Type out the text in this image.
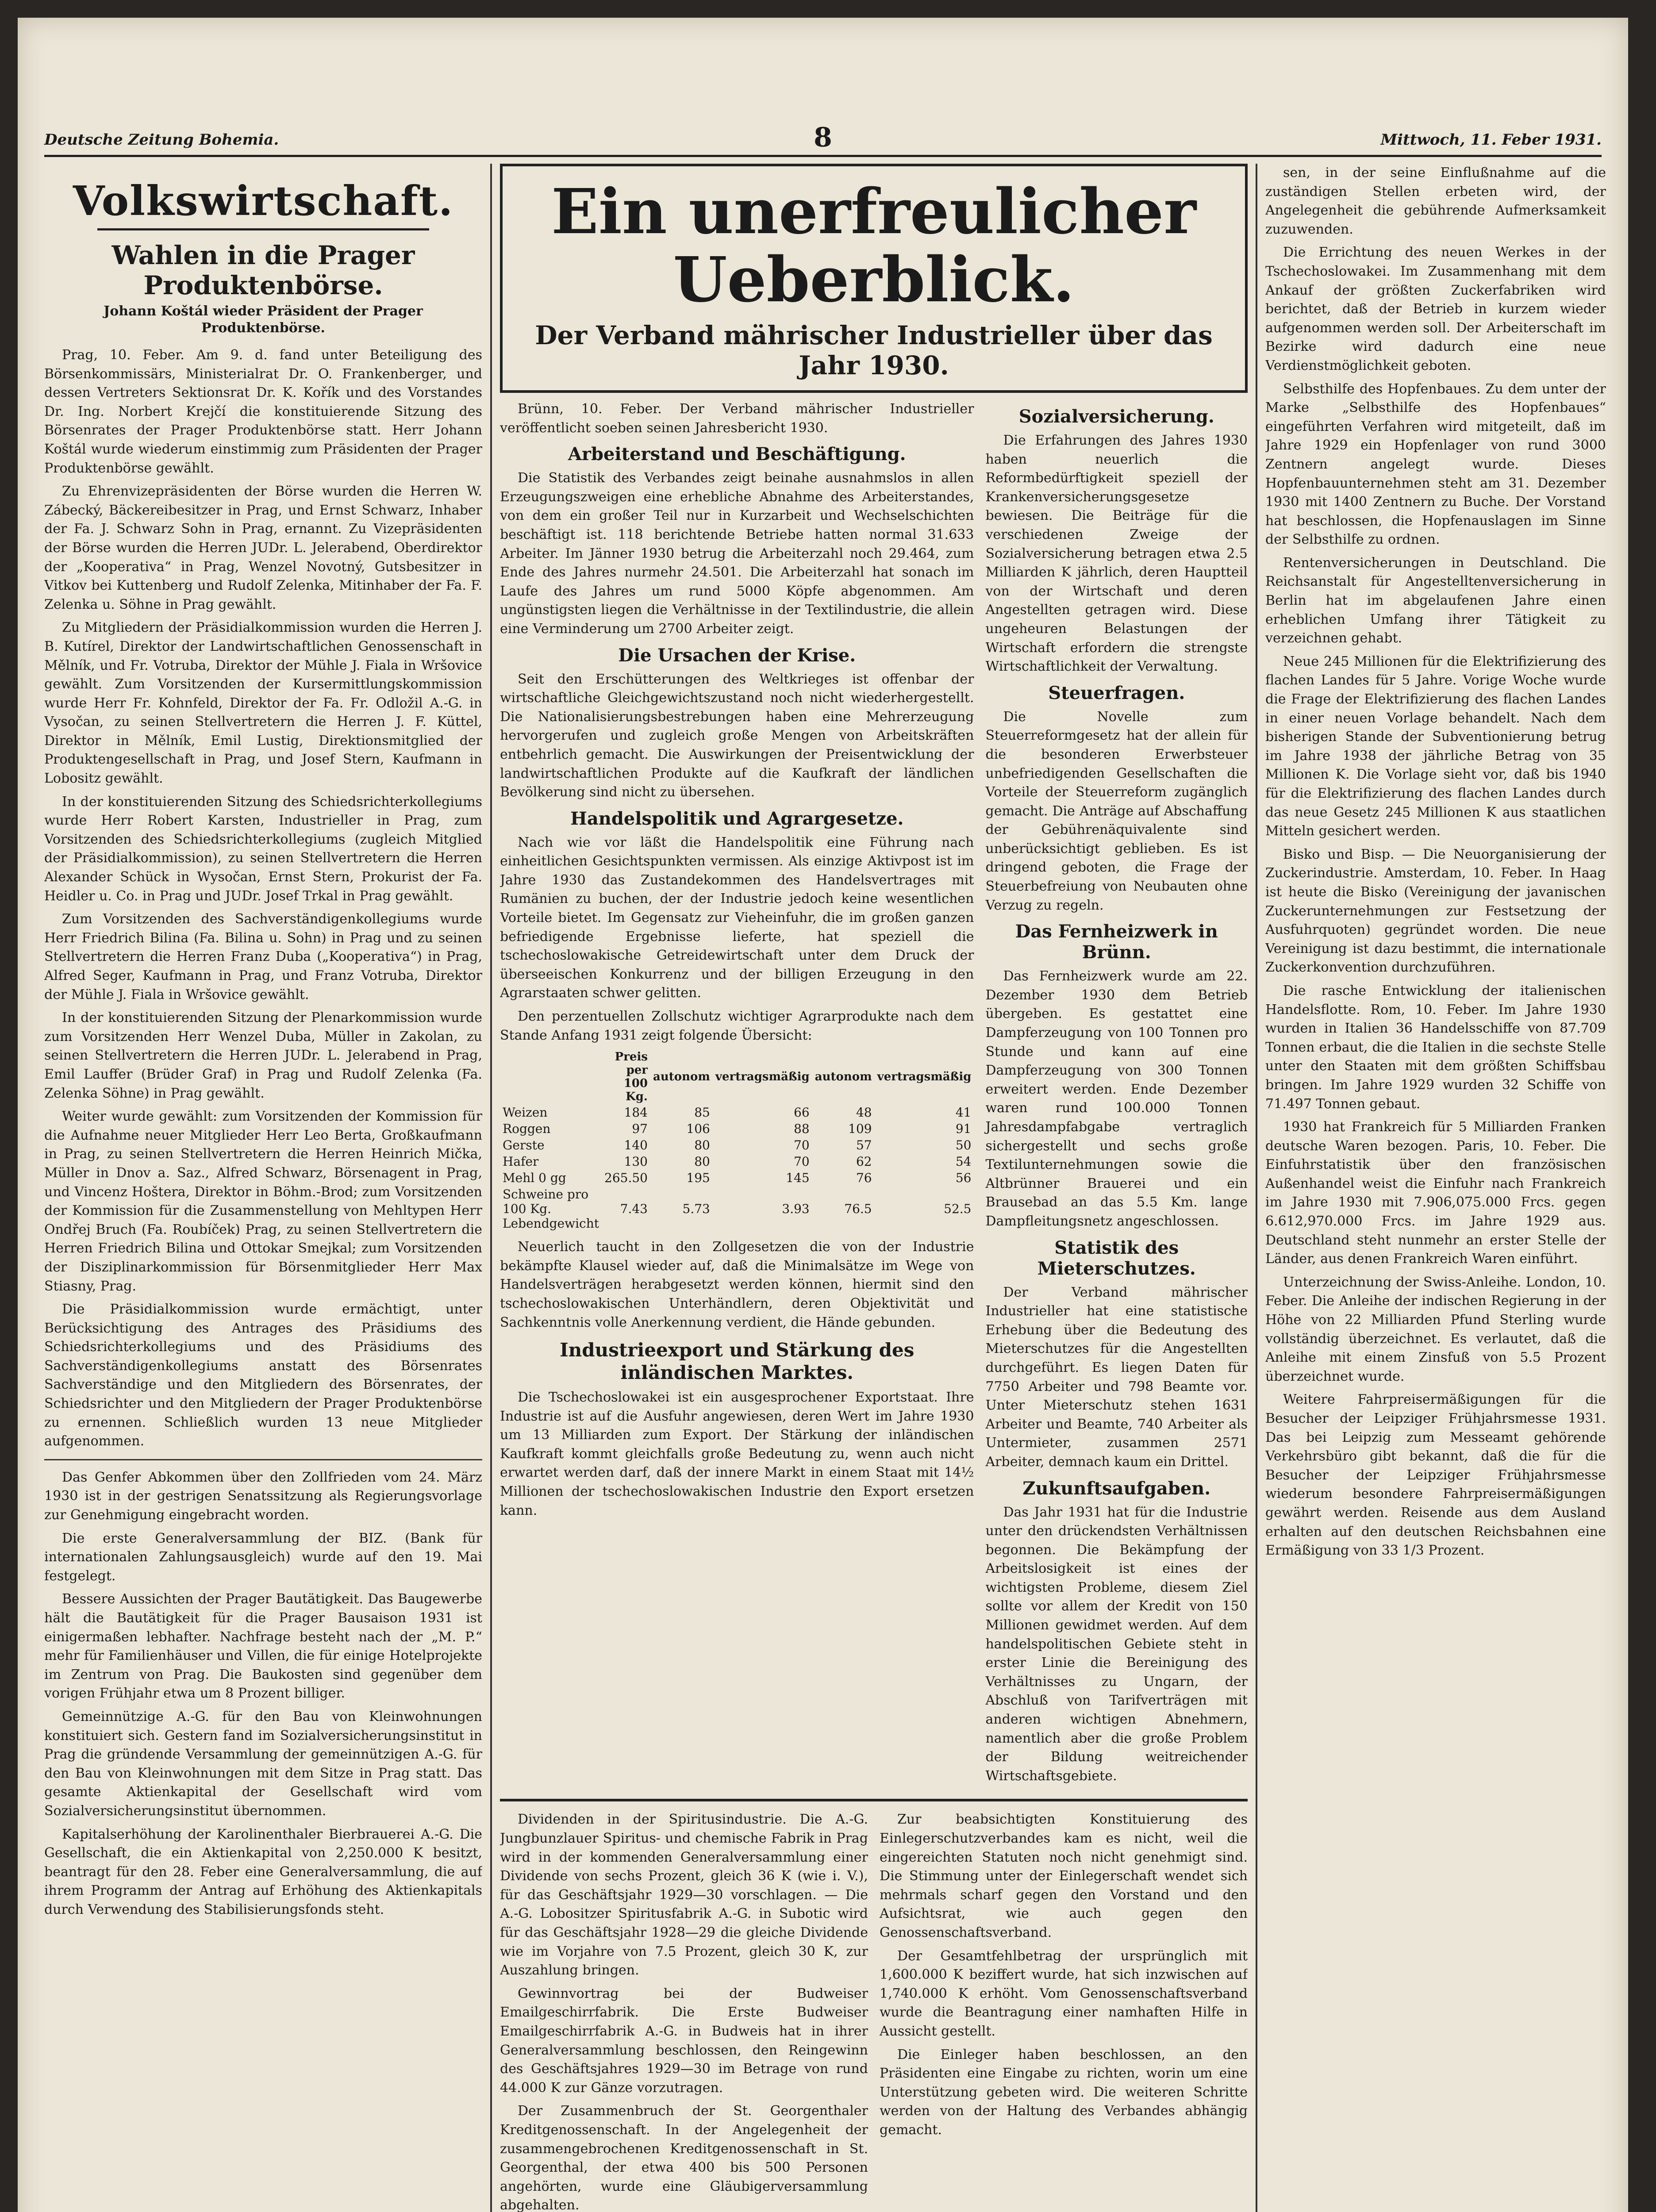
Deutsche Zeitung Bohemia.	8	Mittwoch, 11. Feber 1931.
Volkswirtschaft.
Wahlen in die Prager Produktenbörse.
Johann Koštál wieder Präsident der Prager Produktenbörse.

Prag, 10. Feber. Am 9. d. fand unter Beteiligung des Börsenkommissärs, Ministerialrat Dr. O. Frankenberger, und dessen Vertreters Sektionsrat Dr. K. Kořík und des Vorstandes Dr. Ing. Norbert Krejčí die konstituierende Sitzung des Börsenrates der Prager Produktenbörse statt. Herr Johann Koštál wurde wiederum einstimmig zum Präsidenten der Prager Produktenbörse gewählt.

Zu Ehrenvizepräsidenten der Börse wurden die Herren W. Zábecký, Bäckereibesitzer in Prag, und Ernst Schwarz, Inhaber der Fa. J. Schwarz Sohn in Prag, ernannt. Zu Vizepräsidenten der Börse wurden die Herren JUDr. L. Jelerabend, Oberdirektor der „Kooperativa“ in Prag, Wenzel Novotný, Gutsbesitzer in Vitkov bei Kuttenberg und Rudolf Zelenka, Mitinhaber der Fa. F. Zelenka u. Söhne in Prag gewählt.

Zu Mitgliedern der Präsidialkommission wurden die Herren J. B. Kutírel, Direktor der Landwirtschaftlichen Genossenschaft in Mělník, und Fr. Votruba, Direktor der Mühle J. Fiala in Wršovice gewählt. Zum Vorsitzenden der Kursermittlungskommission wurde Herr Fr. Kohnfeld, Direktor der Fa. Fr. Odložil A.-G. in Vysočan, zu seinen Stellvertretern die Herren J. F. Küttel, Direktor in Mělník, Emil Lustig, Direktionsmitglied der Produktengesellschaft in Prag, und Josef Stern, Kaufmann in Lobositz gewählt.

In der konstituierenden Sitzung des Schiedsrichterkollegiums wurde Herr Robert Karsten, Industrieller in Prag, zum Vorsitzenden des Schiedsrichterkollegiums (zugleich Mitglied der Präsidialkommission), zu seinen Stellvertretern die Herren Alexander Schück in Wysočan, Ernst Stern, Prokurist der Fa. Heidler u. Co. in Prag und JUDr. Josef Trkal in Prag gewählt.

Zum Vorsitzenden des Sachverständigenkollegiums wurde Herr Friedrich Bilina (Fa. Bilina u. Sohn) in Prag und zu seinen Stellvertretern die Herren Franz Duba („Kooperativa“) in Prag, Alfred Seger, Kaufmann in Prag, und Franz Votruba, Direktor der Mühle J. Fiala in Wršovice gewählt.

In der konstituierenden Sitzung der Plenarkommission wurde zum Vorsitzenden Herr Wenzel Duba, Müller in Zakolan, zu seinen Stellvertretern die Herren JUDr. L. Jelerabend in Prag, Emil Lauffer (Brüder Graf) in Prag und Rudolf Zelenka (Fa. Zelenka Söhne) in Prag gewählt.

Weiter wurde gewählt: zum Vorsitzenden der Kommission für die Aufnahme neuer Mitglieder Herr Leo Berta, Großkaufmann in Prag, zu seinen Stellvertretern die Herren Heinrich Mička, Müller in Dnov a. Saz., Alfred Schwarz, Börsenagent in Prag, und Vincenz Hoštera, Direktor in Böhm.-Brod; zum Vorsitzenden der Kommission für die Zusammenstellung von Mehltypen Herr Ondřej Bruch (Fa. Roubíček) Prag, zu seinen Stellvertretern die Herren Friedrich Bilina und Ottokar Smejkal; zum Vorsitzenden der Disziplinarkommission für Börsenmitglieder Herr Max Stiasny, Prag.

Die Präsidialkommission wurde ermächtigt, unter Berücksichtigung des Antrages des Präsidiums des Schiedsrichterkollegiums und des Präsidiums des Sachverständigenkollegiums anstatt des Börsenrates Sachverständige und den Mitgliedern des Börsenrates, der Schiedsrichter und den Mitgliedern der Prager Produktenbörse zu ernennen. Schließlich wurden 13 neue Mitglieder aufgenommen.

Das Genfer Abkommen über den Zollfrieden vom 24. März 1930 ist in der gestrigen Senatssitzung als Regierungsvorlage zur Genehmigung eingebracht worden.

Die erste Generalversammlung der BIZ. (Bank für internationalen Zahlungsausgleich) wurde auf den 19. Mai festgelegt.

Bessere Aussichten der Prager Bautätigkeit. Das Baugewerbe hält die Bautätigkeit für die Prager Bausaison 1931 ist einigermaßen lebhafter. Nachfrage besteht nach der „M. P.“ mehr für Familienhäuser und Villen, die für einige Hotelprojekte im Zentrum von Prag. Die Baukosten sind gegenüber dem vorigen Frühjahr etwa um 8 Prozent billiger.

Gemeinnützige A.-G. für den Bau von Kleinwohnungen konstituiert sich. Gestern fand im Sozialversicherungsinstitut in Prag die gründende Versammlung der gemeinnützigen A.-G. für den Bau von Kleinwohnungen mit dem Sitze in Prag statt. Das gesamte Aktienkapital der Gesellschaft wird vom Sozialversicherungsinstitut übernommen.

Kapitalserhöhung der Karolinenthaler Bierbrauerei A.-G. Die Gesellschaft, die ein Aktienkapital von 2,250.000 K besitzt, beantragt für den 28. Feber eine Generalversammlung, die auf ihrem Programm der Antrag auf Erhöhung des Aktienkapitals durch Verwendung des Stabilisierungsfonds steht.

Ein unerfreulicher Ueberblick.
Der Verband mährischer Industrieller über das Jahr 1930.

Brünn, 10. Feber. Der Verband mährischer Industrieller veröffentlicht soeben seinen Jahresbericht 1930.

Arbeiterstand und Beschäftigung.

Die Statistik des Verbandes zeigt beinahe ausnahmslos in allen Erzeugungszweigen eine erhebliche Abnahme des Arbeiterstandes, von dem ein großer Teil nur in Kurzarbeit und Wechselschichten beschäftigt ist. 118 berichtende Betriebe hatten normal 31.633 Arbeiter. Im Jänner 1930 betrug die Arbeiterzahl noch 29.464, zum Ende des Jahres nurmehr 24.501. Die Arbeiterzahl hat sonach im Laufe des Jahres um rund 5000 Köpfe abgenommen. Am ungünstigsten liegen die Verhältnisse in der Textilindustrie, die allein eine Verminderung um 2700 Arbeiter zeigt.

Die Ursachen der Krise.

Seit den Erschütterungen des Weltkrieges ist offenbar der wirtschaftliche Gleichgewichtszustand noch nicht wiederhergestellt. Die Nationalisierungsbestrebungen haben eine Mehrerzeugung hervorgerufen und zugleich große Mengen von Arbeitskräften entbehrlich gemacht. Die Auswirkungen der Preisentwicklung der landwirtschaftlichen Produkte auf die Kaufkraft der ländlichen Bevölkerung sind nicht zu übersehen.

Handelspolitik und Agrargesetze.

Nach wie vor läßt die Handelspolitik eine Führung nach einheitlichen Gesichtspunkten vermissen. Als einzige Aktivpost ist im Jahre 1930 das Zustandekommen des Handelsvertrages mit Rumänien zu buchen, der der Industrie jedoch keine wesentlichen Vorteile bietet. Im Gegensatz zur Vieheinfuhr, die im großen ganzen befriedigende Ergebnisse lieferte, hat speziell die tschechoslowakische Getreidewirtschaft unter dem Druck der überseeischen Konkurrenz und der billigen Erzeugung in den Agrarstaaten schwer gelitten.

Den perzentuellen Zollschutz wichtiger Agrarprodukte nach dem Stande Anfang 1931 zeigt folgende Übersicht:

	Preis per 100 Kg.	autonom	vertragsmäßig	autonom	vertragsmäßig
Weizen	184	85	66	48	41
Roggen	97	106	88	109	91
Gerste	140	80	70	57	50
Hafer	130	80	70	62	54
Mehl 0 gg	265.50	195	145	76	56
Schweine pro 100 Kg. Lebendgewicht	7.43	5.73	3.93	76.5	52.5

Neuerlich taucht in den Zollgesetzen die von der Industrie bekämpfte Klausel wieder auf, daß die Minimalsätze im Wege von Handelsverträgen herabgesetzt werden können, hiermit sind den tschechoslowakischen Unterhändlern, deren Objektivität und Sachkenntnis volle Anerkennung verdient, die Hände gebunden.

Industrieexport und Stärkung des inländischen Marktes.

Die Tschechoslowakei ist ein ausgesprochener Exportstaat. Ihre Industrie ist auf die Ausfuhr angewiesen, deren Wert im Jahre 1930 um 13 Milliarden zum Export. Der Stärkung der inländischen Kaufkraft kommt gleichfalls große Bedeutung zu, wenn auch nicht erwartet werden darf, daß der innere Markt in einem Staat mit 14½ Millionen der tschechoslowakischen Industrie den Export ersetzen kann.

Sozialversicherung.

Die Erfahrungen des Jahres 1930 haben neuerlich die Reformbedürftigkeit speziell der Krankenversicherungsgesetze bewiesen. Die Beiträge für die verschiedenen Zweige der Sozialversicherung betragen etwa 2.5 Milliarden K jährlich, deren Hauptteil von der Wirtschaft und deren Angestellten getragen wird. Diese ungeheuren Belastungen der Wirtschaft erfordern die strengste Wirtschaftlichkeit der Verwaltung.

Steuerfragen.

Die Novelle zum Steuerreformgesetz hat der allein für die besonderen Erwerbsteuer unbefriedigenden Gesellschaften die Vorteile der Steuerreform zugänglich gemacht. Die Anträge auf Abschaffung der Gebührenäquivalente sind unberücksichtigt geblieben. Es ist dringend geboten, die Frage der Steuerbefreiung von Neubauten ohne Verzug zu regeln.

Das Fernheizwerk in Brünn.

Das Fernheizwerk wurde am 22. Dezember 1930 dem Betrieb übergeben. Es gestattet eine Dampferzeugung von 100 Tonnen pro Stunde und kann auf eine Dampferzeugung von 300 Tonnen erweitert werden. Ende Dezember waren rund 100.000 Tonnen Jahresdampfabgabe vertraglich sichergestellt und sechs große Textilunternehmungen sowie die Altbrünner Brauerei und ein Brausebad an das 5.5 Km. lange Dampfleitungsnetz angeschlossen.

Statistik des Mieterschutzes.

Der Verband mährischer Industrieller hat eine statistische Erhebung über die Bedeutung des Mieterschutzes für die Angestellten durchgeführt. Es liegen Daten für 7750 Arbeiter und 798 Beamte vor. Unter Mieterschutz stehen 1631 Arbeiter und Beamte, 740 Arbeiter als Untermieter, zusammen 2571 Arbeiter, demnach kaum ein Drittel.

Zukunftsaufgaben.

Das Jahr 1931 hat für die Industrie unter den drückendsten Verhältnissen begonnen. Die Bekämpfung der Arbeitslosigkeit ist eines der wichtigsten Probleme, diesem Ziel sollte vor allem der Kredit von 150 Millionen gewidmet werden. Auf dem handelspolitischen Gebiete steht in erster Linie die Bereinigung des Verhältnisses zu Ungarn, der Abschluß von Tarifverträgen mit anderen wichtigen Abnehmern, namentlich aber die große Problem der Bildung weitreichender Wirtschaftsgebiete.

Dividenden in der Spiritusindustrie. Die A.-G. Jungbunzlauer Spiritus- und chemische Fabrik in Prag wird in der kommenden Generalversammlung einer Dividende von sechs Prozent, gleich 36 K (wie i. V.), für das Geschäftsjahr 1929—30 vorschlagen. — Die A.-G. Lobositzer Spiritusfabrik A.-G. in Subotic wird für das Geschäftsjahr 1928—29 die gleiche Dividende wie im Vorjahre von 7.5 Prozent, gleich 30 K, zur Auszahlung bringen.

Gewinnvortrag bei der Budweiser Emailgeschirrfabrik. Die Erste Budweiser Emailgeschirrfabrik A.-G. in Budweis hat in ihrer Generalversammlung beschlossen, den Reingewinn des Geschäftsjahres 1929—30 im Betrage von rund 44.000 K zur Gänze vorzutragen.

Der Zusammenbruch der St. Georgenthaler Kreditgenossenschaft. In der Angelegenheit der zusammengebrochenen Kreditgenossenschaft in St. Georgenthal, der etwa 400 bis 500 Personen angehörten, wurde eine Gläubigerversammlung abgehalten.

Zur beabsichtigten Konstituierung des Einlegerschutzverbandes kam es nicht, weil die eingereichten Statuten noch nicht genehmigt sind. Die Stimmung unter der Einlegerschaft wendet sich mehrmals scharf gegen den Vorstand und den Aufsichtsrat, wie auch gegen den Genossenschaftsverband.

Der Gesamtfehlbetrag der ursprünglich mit 1,600.000 K beziffert wurde, hat sich inzwischen auf 1,740.000 K erhöht. Vom Genossenschaftsverband wurde die Beantragung einer namhaften Hilfe in Aussicht gestellt.

Die Einleger haben beschlossen, an den Präsidenten eine Eingabe zu richten, worin um eine Unterstützung gebeten wird. Die weiteren Schritte werden von der Haltung des Verbandes abhängig gemacht.

sen, in der seine Einflußnahme auf die zuständigen Stellen erbeten wird, der Angelegenheit die gebührende Aufmerksamkeit zuzuwenden.

Die Errichtung des neuen Werkes in der Tschechoslowakei. Im Zusammenhang mit dem Ankauf der größten Zuckerfabriken wird berichtet, daß der Betrieb in kurzem wieder aufgenommen werden soll. Der Arbeiterschaft im Bezirke wird dadurch eine neue Verdienstmöglichkeit geboten.

Selbsthilfe des Hopfenbaues. Zu dem unter der Marke „Selbsthilfe des Hopfenbaues“ eingeführten Verfahren wird mitgeteilt, daß im Jahre 1929 ein Hopfenlager von rund 3000 Zentnern angelegt wurde. Dieses Hopfenbauunternehmen steht am 31. Dezember 1930 mit 1400 Zentnern zu Buche. Der Vorstand hat beschlossen, die Hopfenauslagen im Sinne der Selbsthilfe zu ordnen.

Rentenversicherungen in Deutschland. Die Reichsanstalt für Angestelltenversicherung in Berlin hat im abgelaufenen Jahre einen erheblichen Umfang ihrer Tätigkeit zu verzeichnen gehabt.

Neue 245 Millionen für die Elektrifizierung des flachen Landes für 5 Jahre. Vorige Woche wurde die Frage der Elektrifizierung des flachen Landes in einer neuen Vorlage behandelt. Nach dem bisherigen Stande der Subventionierung betrug im Jahre 1938 der jährliche Betrag von 35 Millionen K. Die Vorlage sieht vor, daß bis 1940 für die Elektrifizierung des flachen Landes durch das neue Gesetz 245 Millionen K aus staatlichen Mitteln gesichert werden.

Bisko und Bisp. — Die Neuorganisierung der Zuckerindustrie. Amsterdam, 10. Feber. In Haag ist heute die Bisko (Vereinigung der javanischen Zuckerunternehmungen zur Festsetzung der Ausfuhrquoten) gegründet worden. Die neue Vereinigung ist dazu bestimmt, die internationale Zuckerkonvention durchzuführen.

Die rasche Entwicklung der italienischen Handelsflotte. Rom, 10. Feber. Im Jahre 1930 wurden in Italien 36 Handelsschiffe von 87.709 Tonnen erbaut, die die Italien in die sechste Stelle unter den Staaten mit dem größten Schiffsbau bringen. Im Jahre 1929 wurden 32 Schiffe von 71.497 Tonnen gebaut.

1930 hat Frankreich für 5 Milliarden Franken deutsche Waren bezogen. Paris, 10. Feber. Die Einfuhrstatistik über den französischen Außenhandel weist die Einfuhr nach Frankreich im Jahre 1930 mit 7.906,075.000 Frcs. gegen 6.612,970.000 Frcs. im Jahre 1929 aus. Deutschland steht nunmehr an erster Stelle der Länder, aus denen Frankreich Waren einführt.

Unterzeichnung der Swiss-Anleihe. London, 10. Feber. Die Anleihe der indischen Regierung in der Höhe von 22 Milliarden Pfund Sterling wurde vollständig überzeichnet. Es verlautet, daß die Anleihe mit einem Zinsfuß von 5.5 Prozent überzeichnet wurde.

Weitere Fahrpreisermäßigungen für die Besucher der Leipziger Frühjahrsmesse 1931. Das bei Leipzig zum Messeamt gehörende Verkehrsbüro gibt bekannt, daß die für die Besucher der Leipziger Frühjahrsmesse wiederum besondere Fahrpreisermäßigungen gewährt werden. Reisende aus dem Ausland erhalten auf den deutschen Reichsbahnen eine Ermäßigung von 33 1/3 Prozent.
